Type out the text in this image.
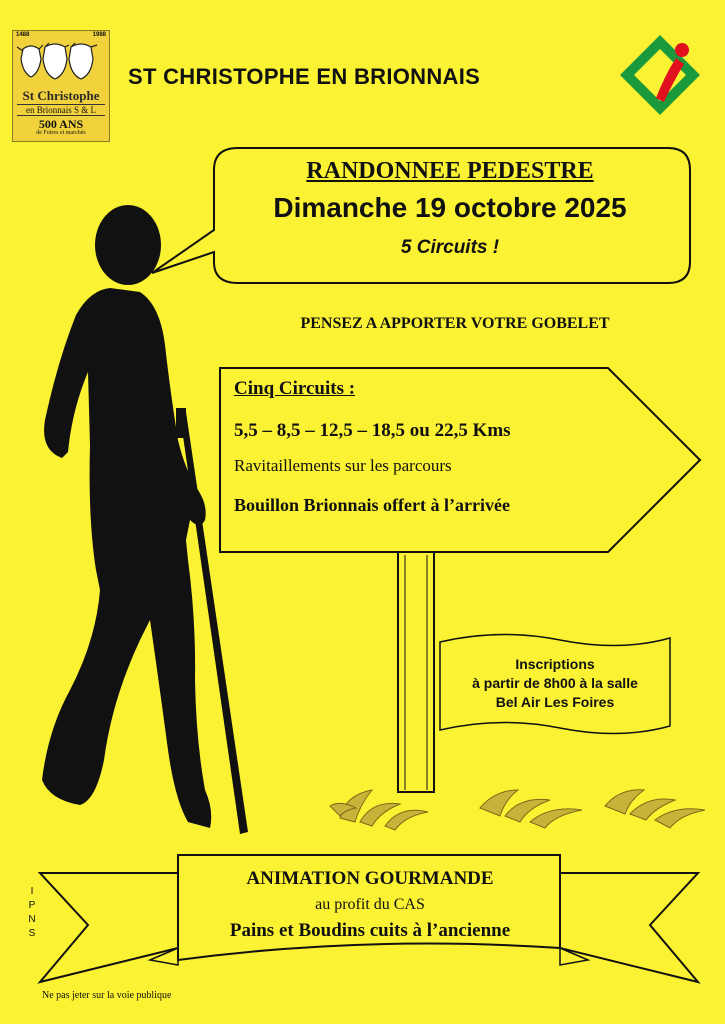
1488	1988
St Christophe
en Brionnais S & L
500 ANS
de Foires et marchés
ST CHRISTOPHE EN BRIONNAIS
RANDONNEE PEDESTRE
Dimanche 19 octobre 2025
5 Circuits !
PENSEZ A APPORTER VOTRE GOBELET
Cinq Circuits :
5,5 – 8,5 – 12,5 – 18,5 ou 22,5 Kms
Ravitaillements sur les parcours
Bouillon Brionnais offert à l’arrivée
Inscriptions
à partir de 8h00 à la salle
Bel Air Les Foires
ANIMATION GOURMANDE
au profit du CAS
Pains et Boudins cuits à l’ancienne
I
P
N
S
Ne pas jeter sur la voie publique
